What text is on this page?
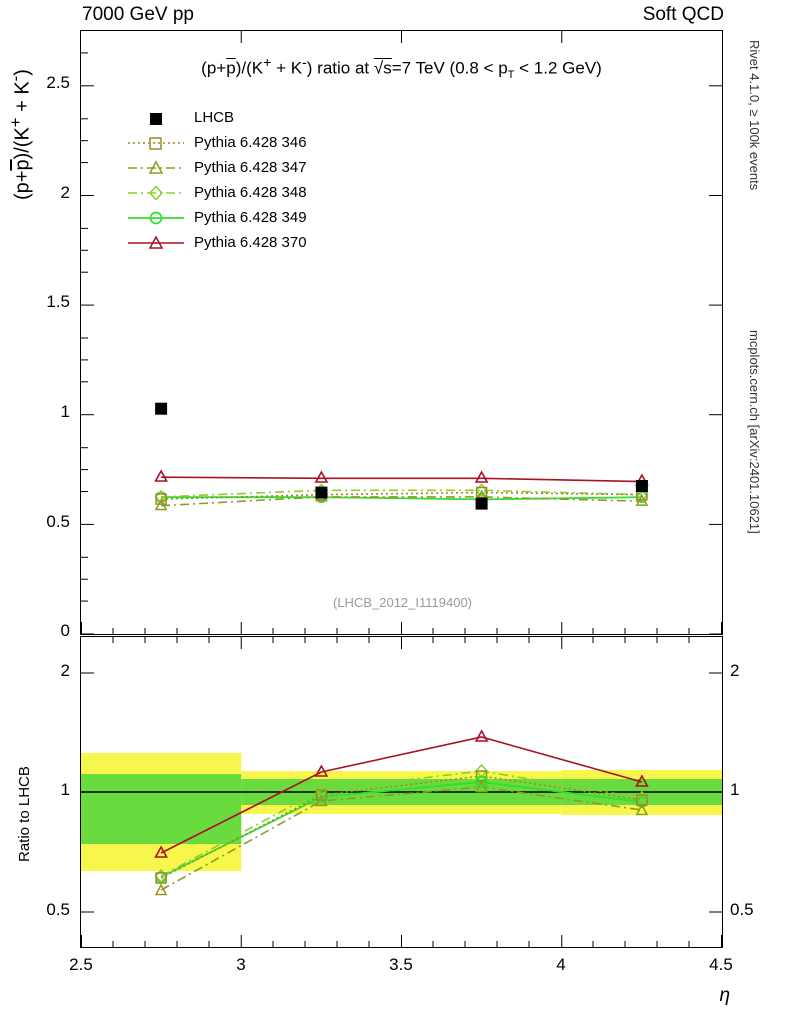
7000 GeV pp	Soft QCD
Rivet 4.1.0, ≥ 100k events
mcplots.cern.ch [arXiv:2401.10621]
$(p+\overline{p})/(K^+ + K^-)$ ratio at √s=7 TeV ($0.8 < p_T < 1.2$ GeV)
(LHCB_2012_I1119400)
0
0.5
1
1.5
2
2.5
$(p+\overline{p})/(K^+ + K^-)$
LHCB
Pythia 6.428 346
Pythia 6.428 347
Pythia 6.428 348
Pythia 6.428 349
Pythia 6.428 370
2
1
0.5
2
1
0.5
Ratio to LHCB
2.5	3	3.5	4	4.5
η
